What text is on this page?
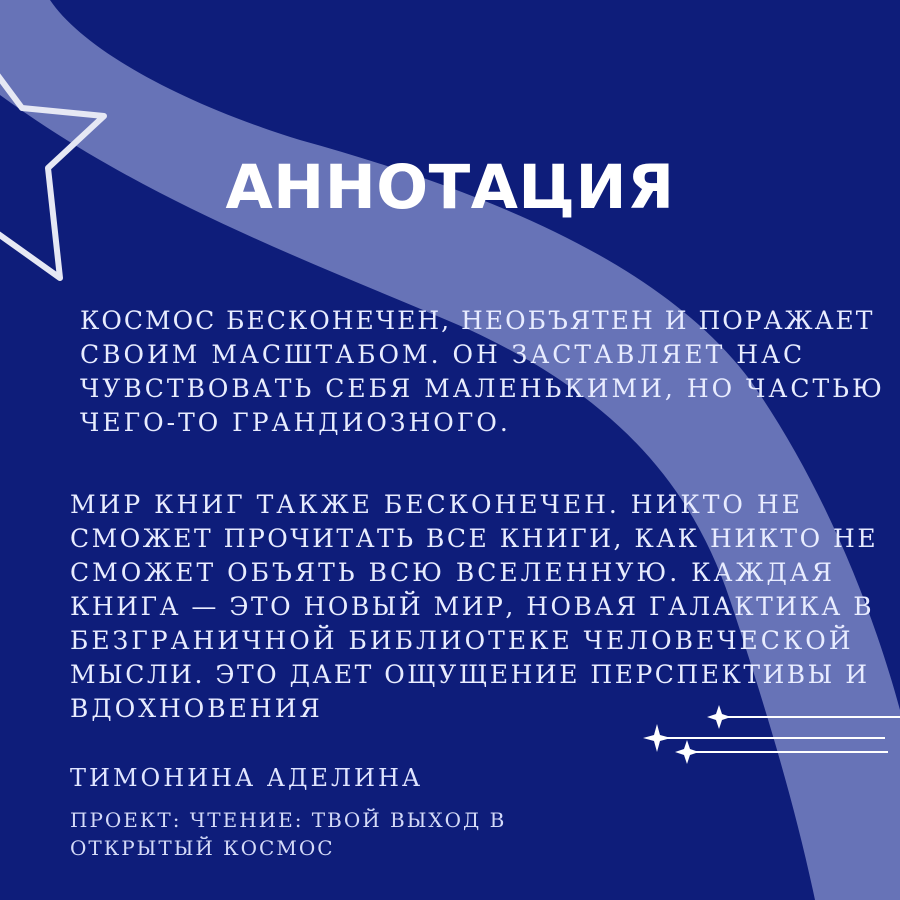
АННОТАЦИЯ
КОСМОС БЕСКОНЕЧЕН, НЕОБЪЯТЕН И ПОРАЖАЕТ
СВОИМ МАСШТАБОМ. ОН ЗАСТАВЛЯЕТ НАС
ЧУВСТВОВАТЬ СЕБЯ МАЛЕНЬКИМИ, НО ЧАСТЬЮ
ЧЕГО-ТО ГРАНДИОЗНОГО.
МИР КНИГ ТАКЖЕ БЕСКОНЕЧЕН. НИКТО НЕ
СМОЖЕТ ПРОЧИТАТЬ ВСЕ КНИГИ, КАК НИКТО НЕ
СМОЖЕТ ОБЪЯТЬ ВСЮ ВСЕЛЕННУЮ. КАЖДАЯ
КНИГА — ЭТО НОВЫЙ МИР, НОВАЯ ГАЛАКТИКА В
БЕЗГРАНИЧНОЙ БИБЛИОТЕКЕ ЧЕЛОВЕЧЕСКОЙ
МЫСЛИ. ЭТО ДАЕТ ОЩУЩЕНИЕ ПЕРСПЕКТИВЫ И
ВДОХНОВЕНИЯ
ТИМОНИНА АДЕЛИНА
ПРОЕКТ: ЧТЕНИЕ: ТВОЙ ВЫХОД В
ОТКРЫТЫЙ КОСМОС
